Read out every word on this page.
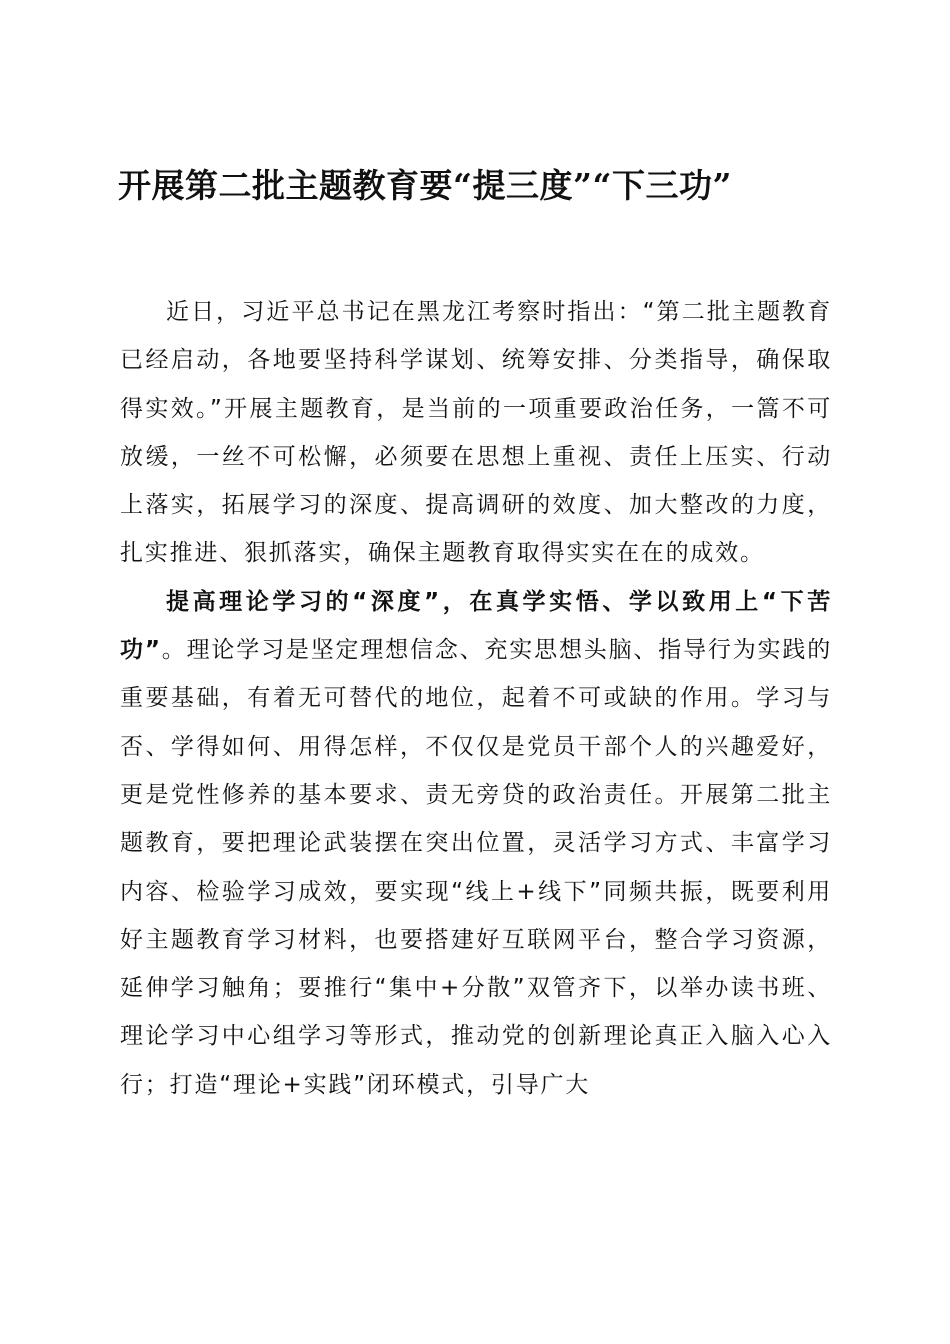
开展第二批主题教育要“提三度”“下三功”

近日，习近平总书记在黑龙江考察时指出：“第二批主题教育已经启动，各地要坚持科学谋划、统筹安排、分类指导，确保取得实效。”开展主题教育，是当前的一项重要政治任务，一篙不可放缓，一丝不可松懈，必须要在思想上重视、责任上压实、行动上落实，拓展学习的深度、提高调研的效度、加大整改的力度，扎实推进、狠抓落实，确保主题教育取得实实在在的成效。

提高理论学习的“深度”，在真学实悟、学以致用上“下苦功”。理论学习是坚定理想信念、充实思想头脑、指导行为实践的重要基础，有着无可替代的地位，起着不可或缺的作用。学习与否、学得如何、用得怎样，不仅仅是党员干部个人的兴趣爱好，更是党性修养的基本要求、责无旁贷的政治责任。开展第二批主题教育，要把理论武装摆在突出位置，灵活学习方式、丰富学习内容、检验学习成效，要实现“线上+线下”同频共振，既要利用好主题教育学习材料，也要搭建好互联网平台，整合学习资源，延伸学习触角；要推行“集中+分散”双管齐下，以举办读书班、理论学习中心组学习等形式，推动党的创新理论真正入脑入心入行；打造“理论+实践”闭环模式，引导广大
